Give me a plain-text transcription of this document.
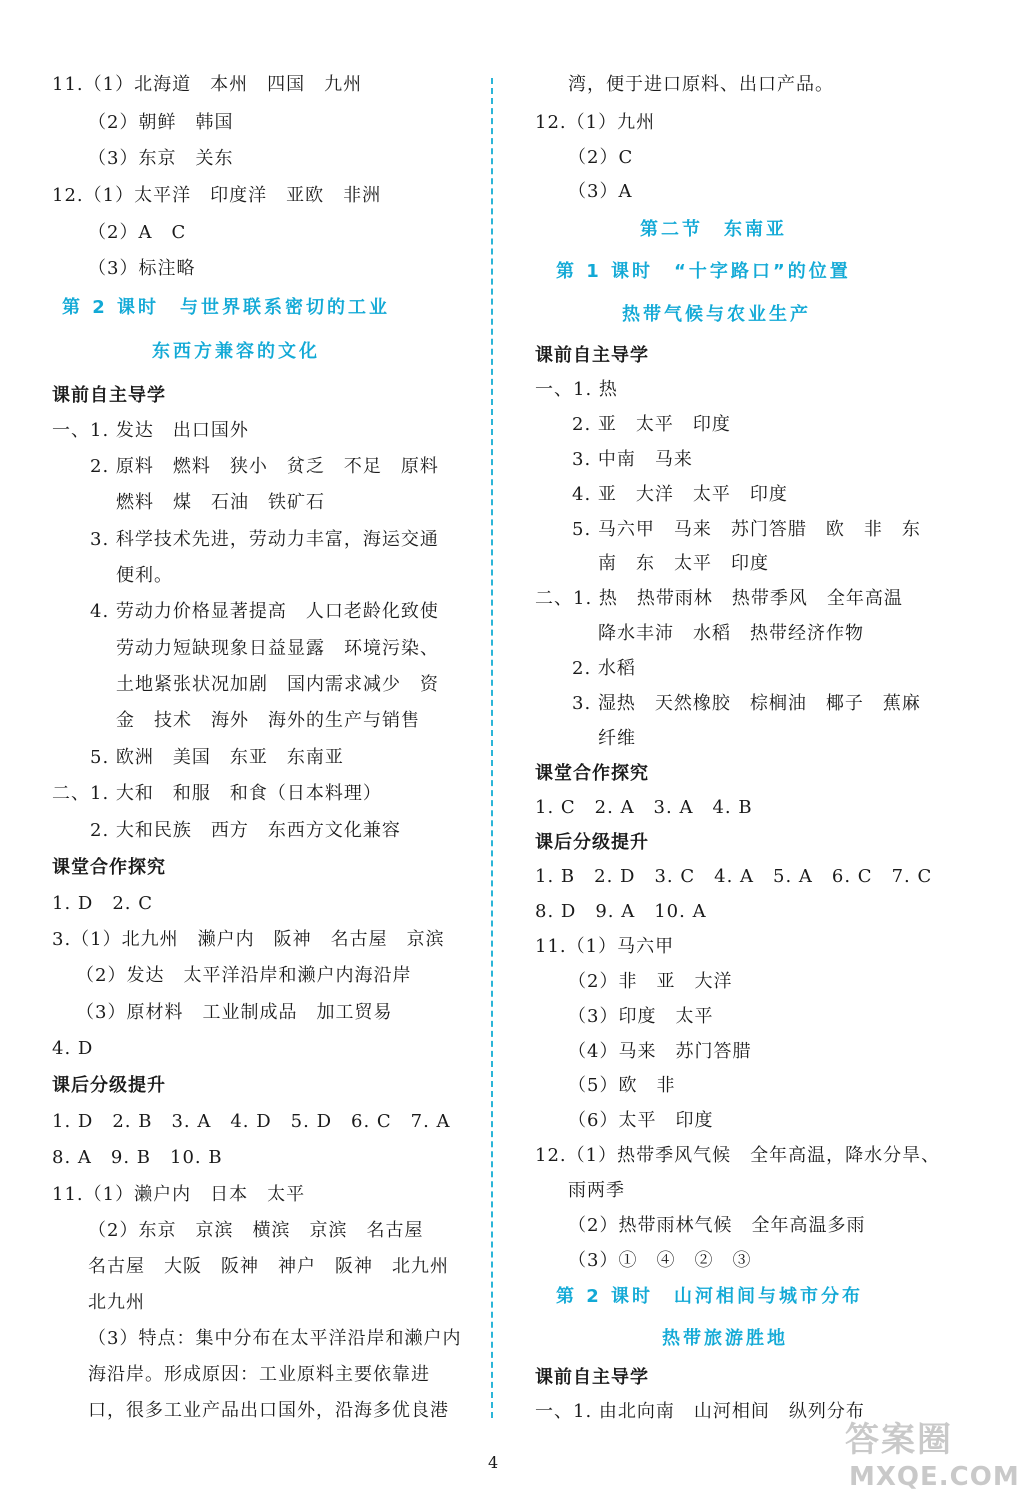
11.（1）北海道　本州　四国　九州
（2）朝鲜　韩国
（3）东京　关东
12.（1）太平洋　印度洋　亚欧　非洲
（2）A　C
（3）标注略
第 2 课时　与世界联系密切的工业
东西方兼容的文化
课前自主导学
一、1. 发达　出口国外
2. 原料　燃料　狭小　贫乏　不足　原料
燃料　煤　石油　铁矿石
3. 科学技术先进，劳动力丰富，海运交通
便利。
4. 劳动力价格显著提高　人口老龄化致使
劳动力短缺现象日益显露　环境污染、
土地紧张状况加剧　国内需求减少　资
金　技术　海外　海外的生产与销售
5. 欧洲　美国　东亚　东南亚
二、1. 大和　和服　和食（日本料理）
2. 大和民族　西方　东西方文化兼容
课堂合作探究
1. D　2. C
3.（1）北九州　濑户内　阪神　名古屋　京滨
（2）发达　太平洋沿岸和濑户内海沿岸
（3）原材料　工业制成品　加工贸易
4. D
课后分级提升
1. D　2. B　3. A　4. D　5. D　6. C　7. A
8. A　9. B　10. B
11.（1）濑户内　日本　太平
（2）东京　京滨　横滨　京滨　名古屋
名古屋　大阪　阪神　神户　阪神　北九州
北九州
（3）特点：集中分布在太平洋沿岸和濑户内
海沿岸。形成原因：工业原料主要依靠进
口，很多工业产品出口国外，沿海多优良港
湾，便于进口原料、出口产品。
12.（1）九州
（2）C
（3）A
第二节　东南亚
第 1 课时　“十字路口”的位置
热带气候与农业生产
课前自主导学
一、1. 热
2. 亚　太平　印度
3. 中南　马来
4. 亚　大洋　太平　印度
5. 马六甲　马来　苏门答腊　欧　非　东
南　东　太平　印度
二、1. 热　热带雨林　热带季风　全年高温
降水丰沛　水稻　热带经济作物
2. 水稻
3. 湿热　天然橡胶　棕榈油　椰子　蕉麻
纤维
课堂合作探究
1. C　2. A　3. A　4. B
课后分级提升
1. B　2. D　3. C　4. A　5. A　6. C　7. C
8. D　9. A　10. A
11.（1）马六甲
（2）非　亚　大洋
（3）印度　太平
（4）马来　苏门答腊
（5）欧　非
（6）太平　印度
12.（1）热带季风气候　全年高温，降水分旱、
雨两季
（2）热带雨林气候　全年高温多雨
（3）①　④　②　③
第 2 课时　山河相间与城市分布
热带旅游胜地
课前自主导学
一、1. 由北向南　山河相间　纵列分布
4
答案圈
MXQE.COM
